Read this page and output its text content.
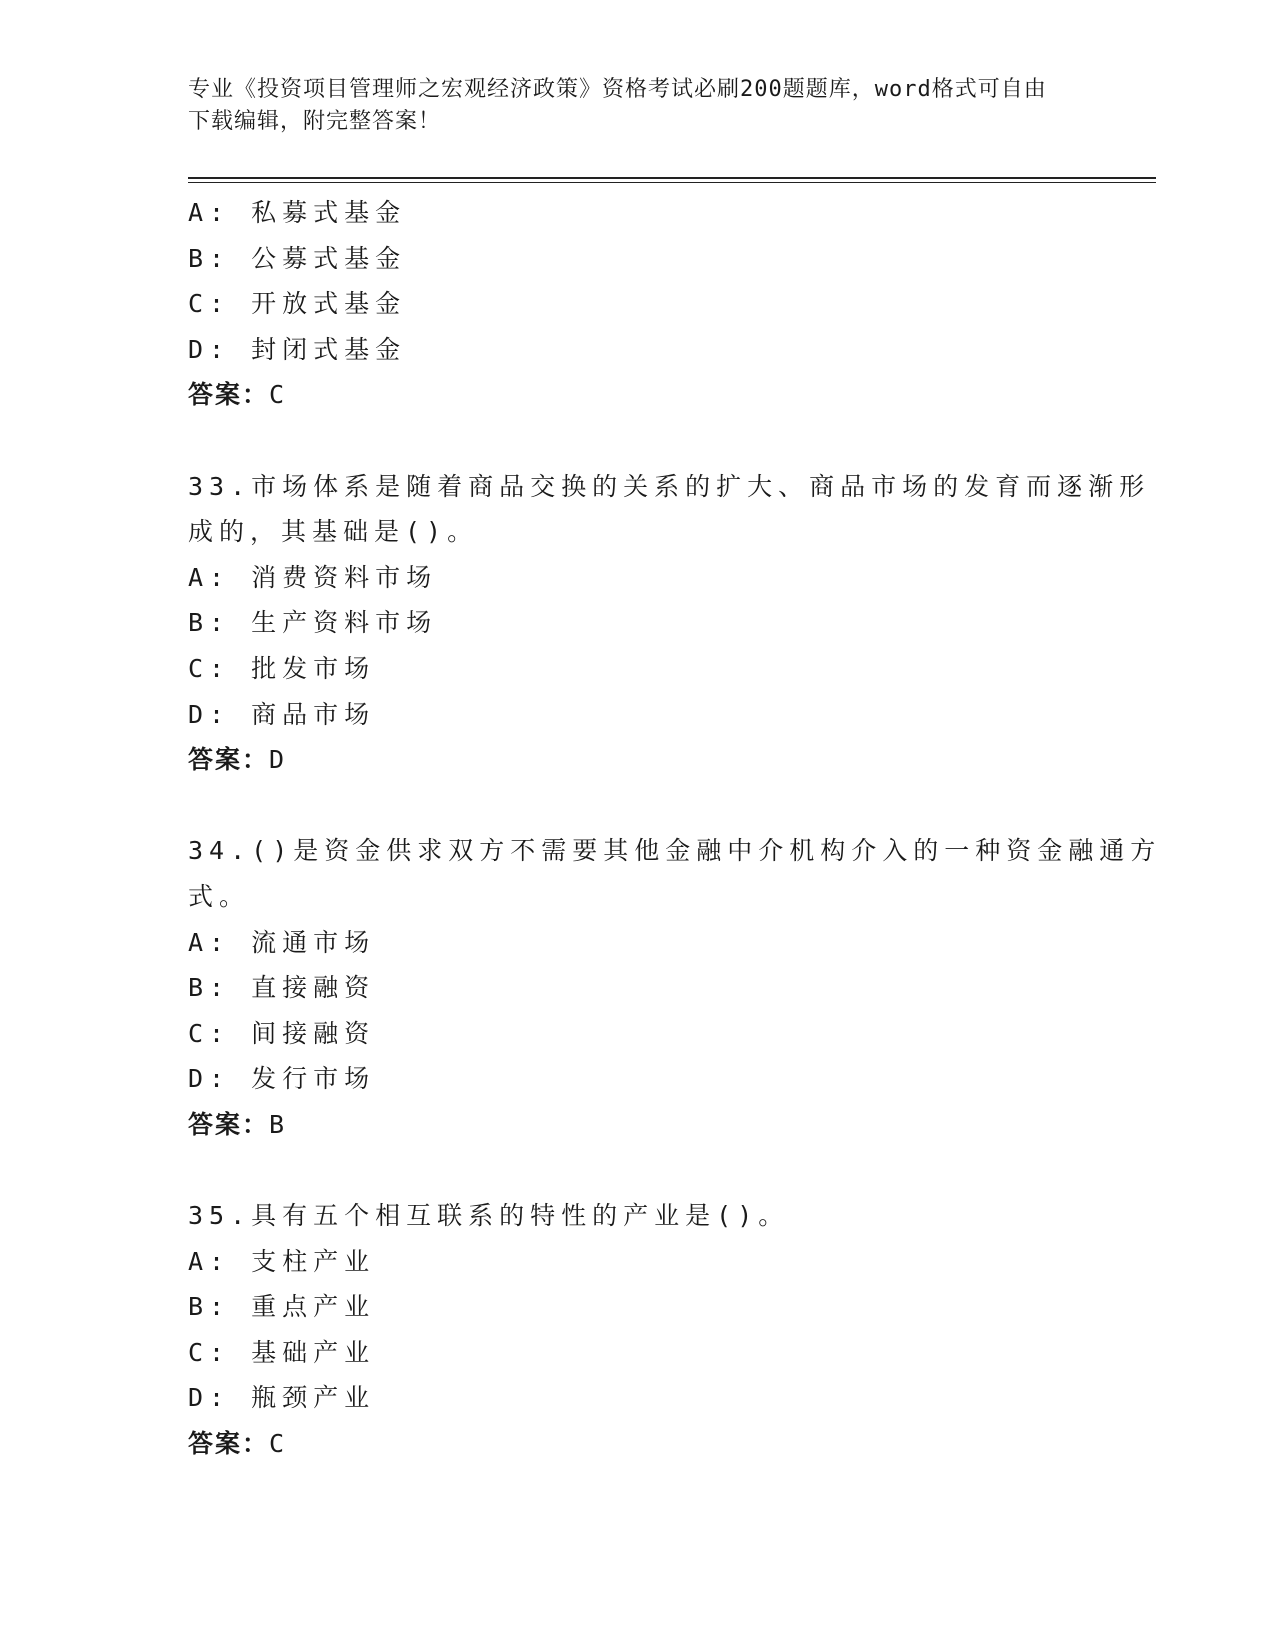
专业《投资项目管理师之宏观经济政策》资格考试必刷200题题库，word格式可自由下载编辑，附完整答案！
A: 私募式基金
B: 公募式基金
C: 开放式基金
D: 封闭式基金
答案：C
33.市场体系是随着商品交换的关系的扩大、商品市场的发育而逐渐形
成的，其基础是()。
A: 消费资料市场
B: 生产资料市场
C: 批发市场
D: 商品市场
答案：D
34.()是资金供求双方不需要其他金融中介机构介入的一种资金融通方
式。
A: 流通市场
B: 直接融资
C: 间接融资
D: 发行市场
答案：B
35.具有五个相互联系的特性的产业是()。
A: 支柱产业
B: 重点产业
C: 基础产业
D: 瓶颈产业
答案：C
